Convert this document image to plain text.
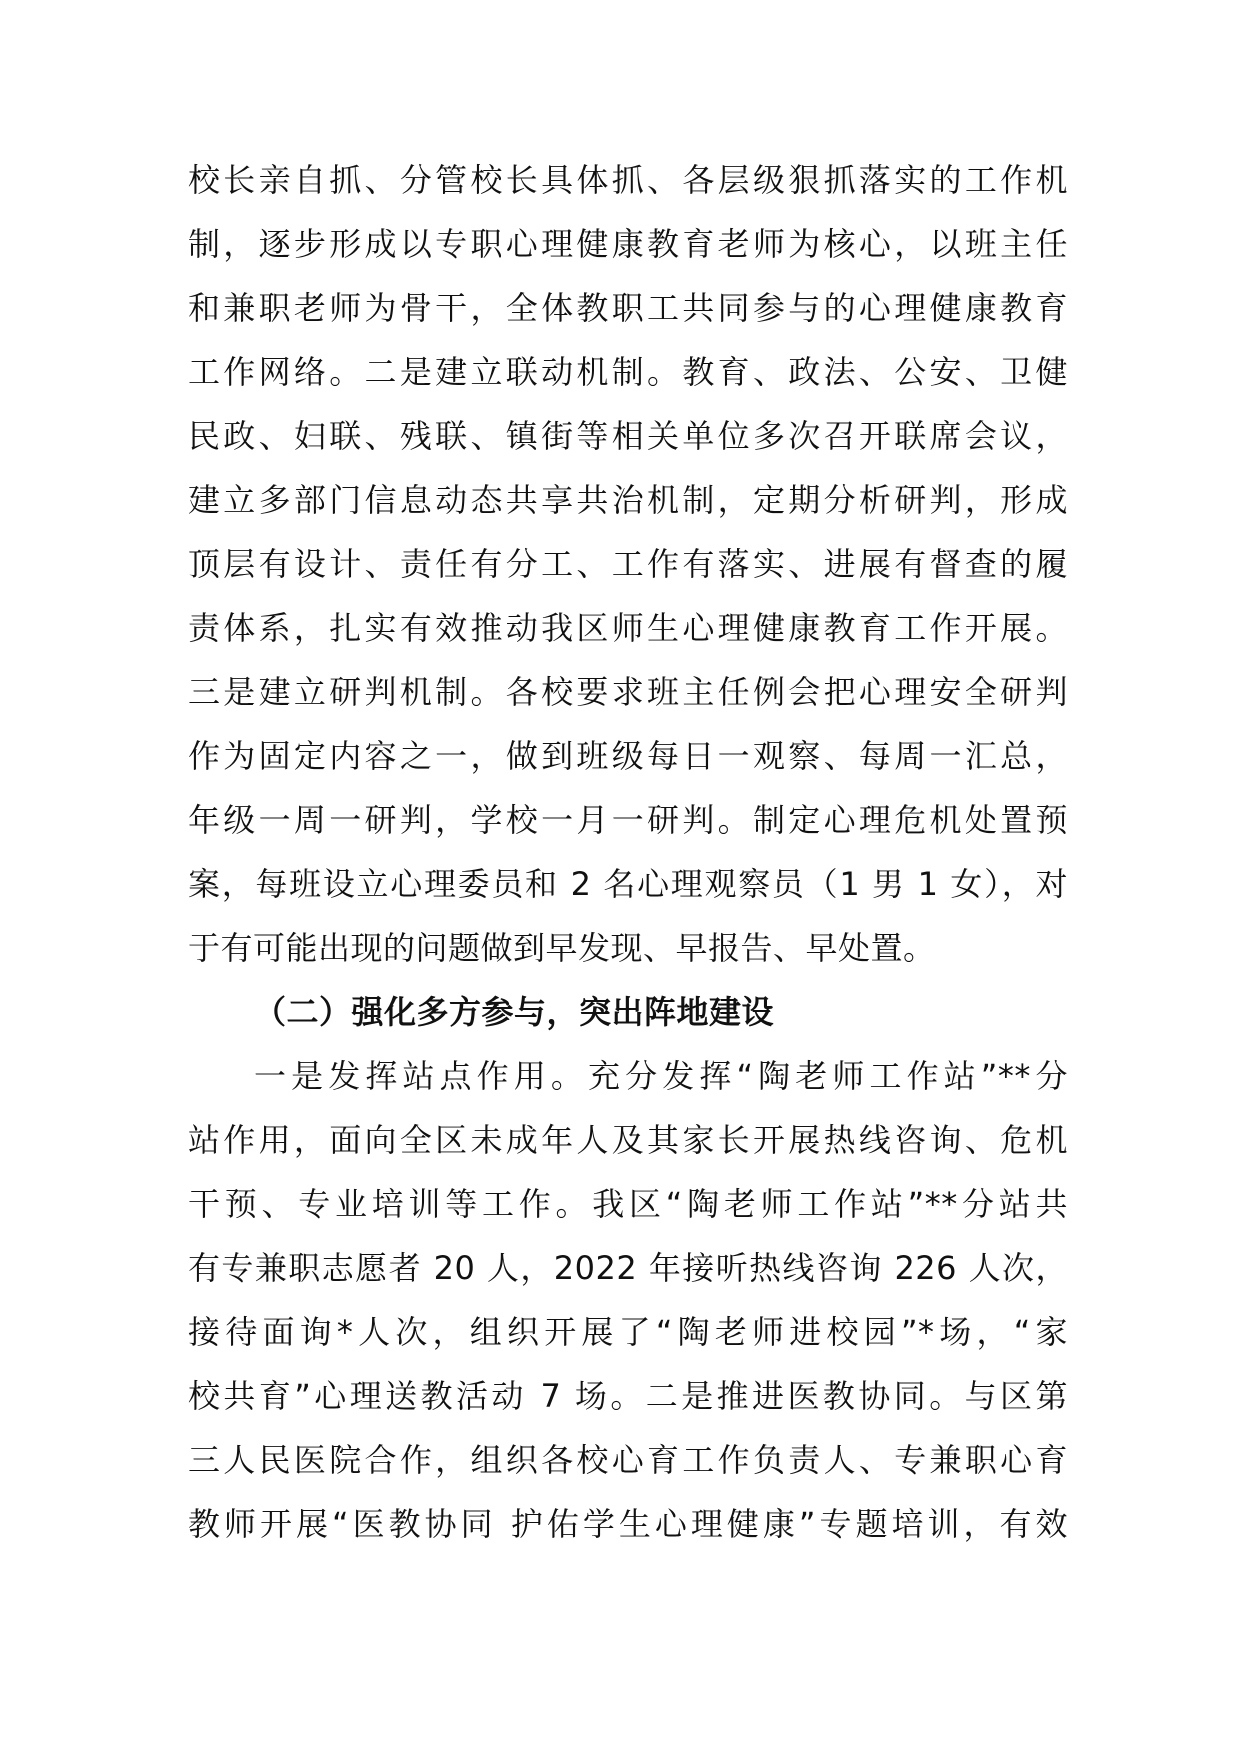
校长亲自抓、分管校长具体抓、各层级狠抓落实的工作机
制，逐步形成以专职心理健康教育老师为核心，以班主任
和兼职老师为骨干，全体教职工共同参与的心理健康教育
工作网络。二是建立联动机制。教育、政法、公安、卫健
民政、妇联、残联、镇街等相关单位多次召开联席会议，
建立多部门信息动态共享共治机制，定期分析研判，形成
顶层有设计、责任有分工、工作有落实、进展有督查的履
责体系，扎实有效推动我区师生心理健康教育工作开展。
三是建立研判机制。各校要求班主任例会把心理安全研判
作为固定内容之一，做到班级每日一观察、每周一汇总，
年级一周一研判，学校一月一研判。制定心理危机处置预
案，每班设立心理委员和 2 名心理观察员（1 男 1 女），对
于有可能出现的问题做到早发现、早报告、早处置。
（二）强化多方参与，突出阵地建设
一是发挥站点作用。充分发挥“陶老师工作站”**分
站作用，面向全区未成年人及其家长开展热线咨询、危机
干预、专业培训等工作。我区“陶老师工作站”**分站共
有专兼职志愿者 20 人，2022 年接听热线咨询 226 人次，
接待面询*人次，组织开展了“陶老师进校园”*场，“家
校共育”心理送教活动 7 场。二是推进医教协同。与区第
三人民医院合作，组织各校心育工作负责人、专兼职心育
教师开展“医教协同 护佑学生心理健康”专题培训，有效
